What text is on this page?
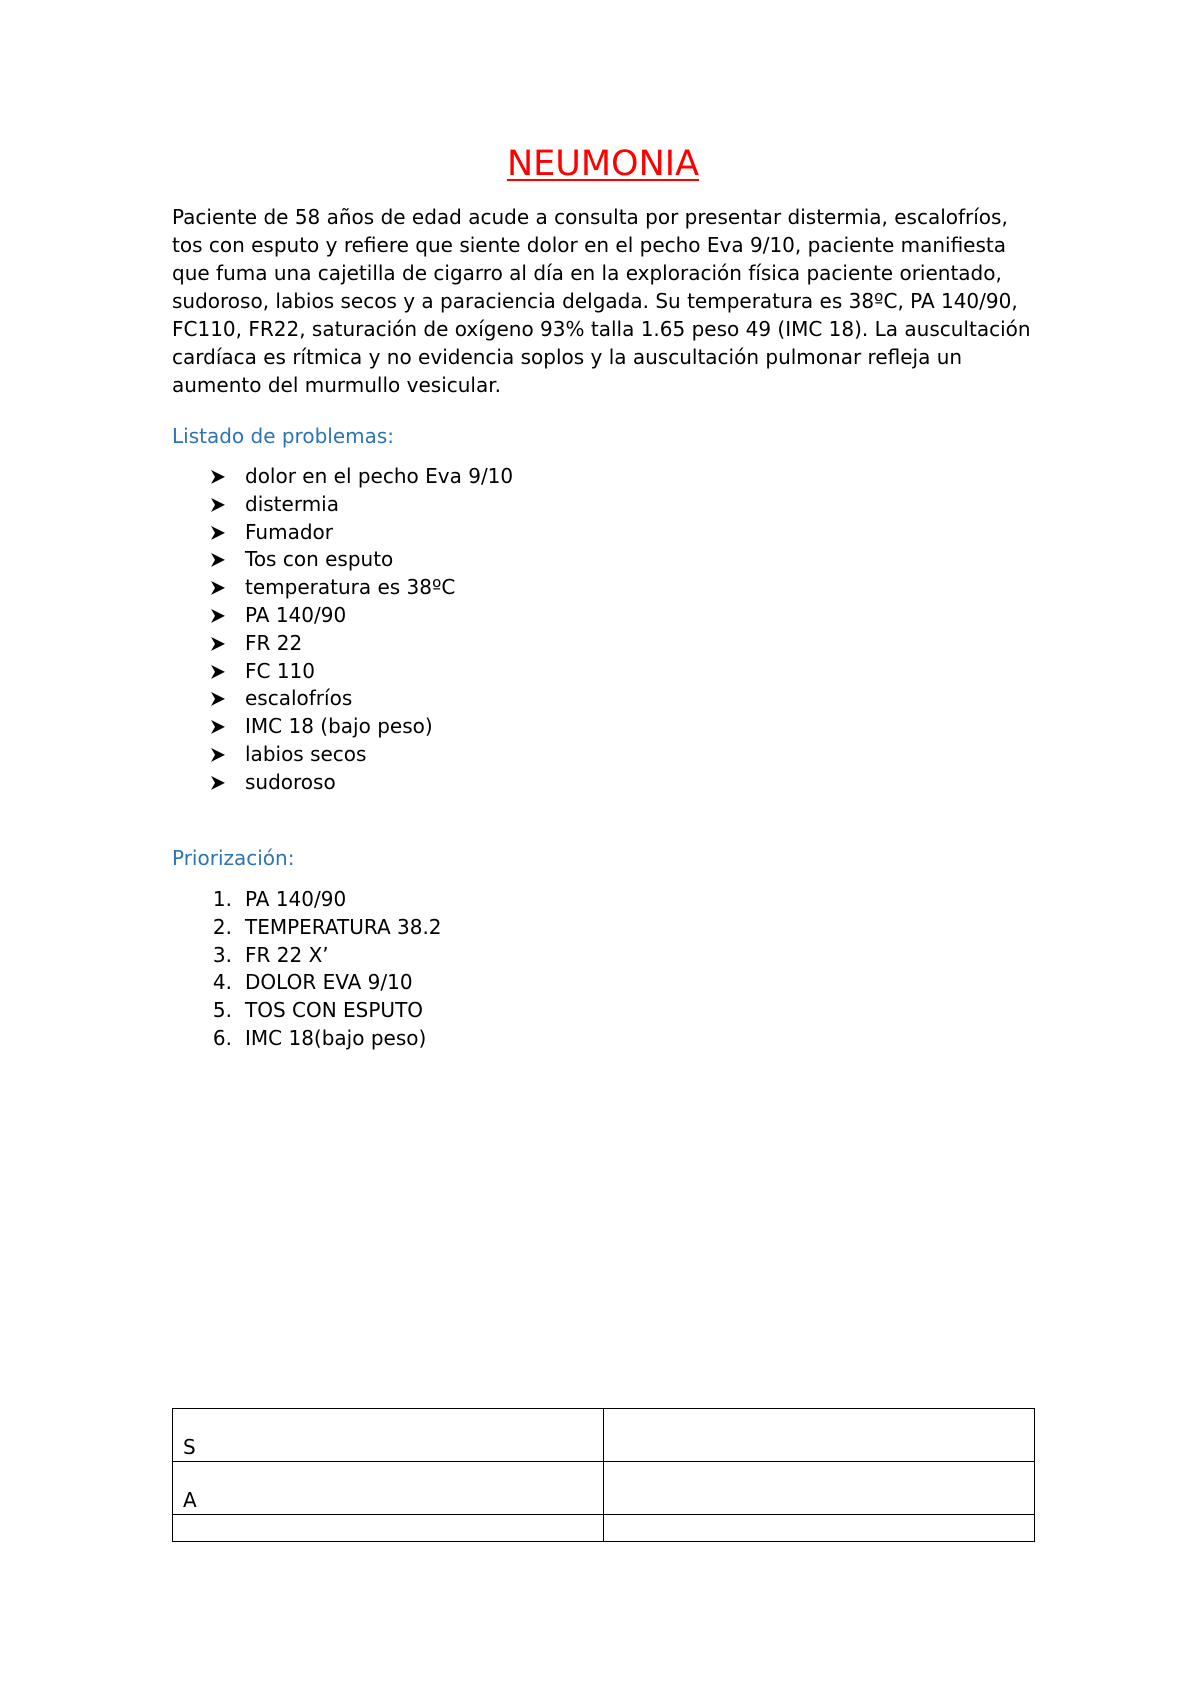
NEUMONIA

Paciente de 58 años de edad acude a consulta por presentar distermia, escalofríos, tos con esputo y refiere que siente dolor en el pecho Eva 9/10, paciente manifiesta que fuma una cajetilla de cigarro al día en la exploración física paciente orientado, sudoroso, labios secos y a paraciencia delgada. Su temperatura es 38ºC, PA 140/90, FC110, FR22, saturación de oxígeno 93% talla 1.65 peso 49 (IMC 18). La auscultación cardíaca es rítmica y no evidencia soplos y la auscultación pulmonar refleja un aumento del murmullo vesicular.

Listado de problemas:
dolor en el pecho Eva 9/10
distermia
Fumador
Tos con esputo
temperatura es 38ºC
PA 140/90
FR 22
FC 110
escalofríos
IMC 18 (bajo peso)
labios secos
sudoroso
Priorización:
1. PA 140/90
2. TEMPERATURA 38.2
3. FR 22 X’
4. DOLOR EVA 9/10
5. TOS CON ESPUTO
6. IMC 18(bajo peso)
S	
A	
